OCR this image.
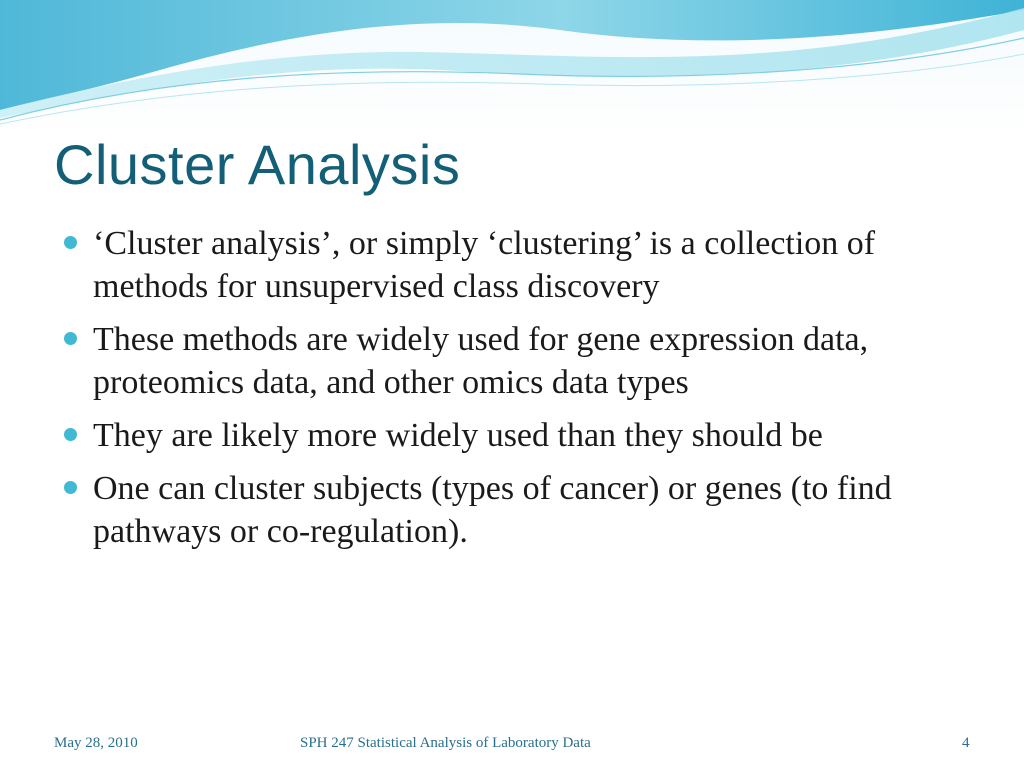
Cluster Analysis
‘Cluster analysis’, or simply ‘clustering’ is a collection of methods for unsupervised class discovery
These methods are widely used for gene expression data, proteomics data, and other omics data types
They are likely more widely used than they should be
One can cluster subjects (types of cancer) or genes (to find pathways or co-regulation).
May 28, 2010	SPH 247 Statistical Analysis of Laboratory Data	4
